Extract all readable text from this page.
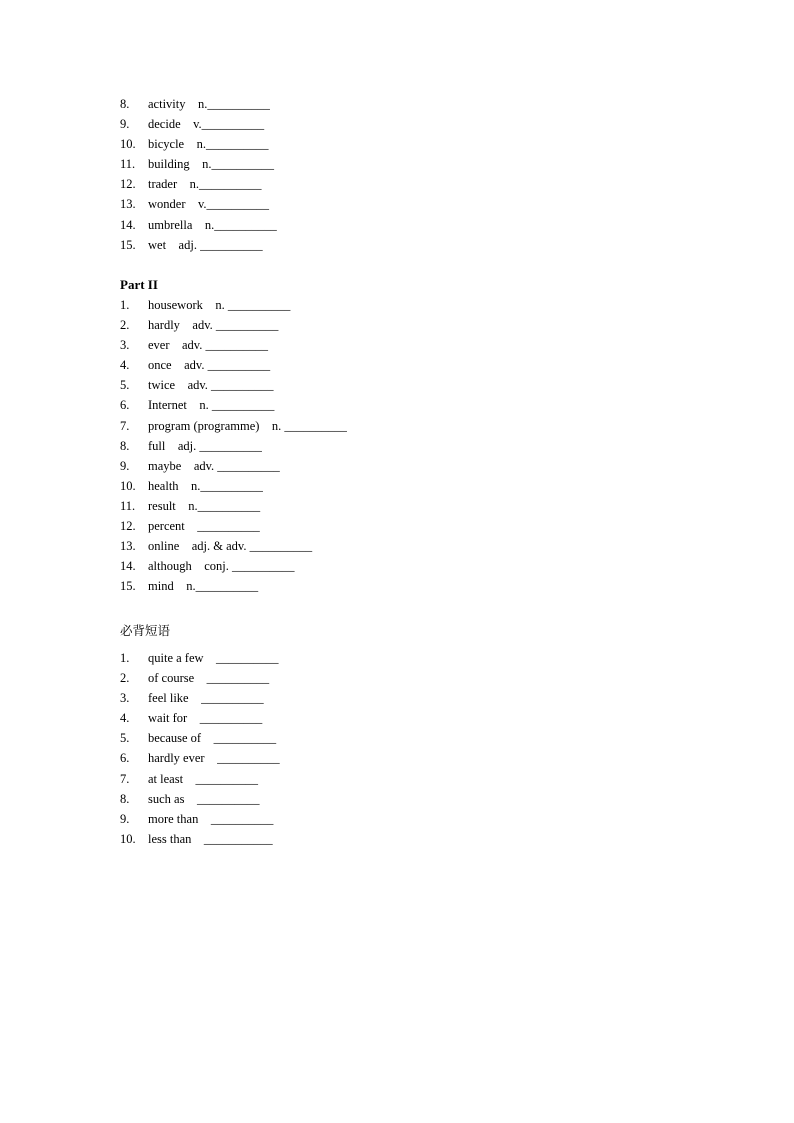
8. activity    n.__________
9. decide    v.__________
10. bicycle    n.__________
11. building    n.__________
12. trader    n.__________
13. wonder    v.__________
14. umbrella    n.__________
15. wet    adj. __________
Part II
1. housework    n. __________
2. hardly    adv. __________
3. ever    adv. __________
4. once    adv. __________
5. twice    adv. __________
6. Internet    n. __________
7. program (programme)    n. __________
8. full    adj. __________
9. maybe    adv. __________
10. health    n.__________
11. result    n.__________
12. percent    __________
13. online    adj. & adv. __________
14. although    conj. __________
15. mind    n.__________
必背短语
1. quite a few    __________
2. of course    __________
3. feel like    __________
4. wait for    __________
5. because of    __________
6. hardly ever    __________
7. at least    __________
8. such as    __________
9. more than    __________
10. less than    ___________
